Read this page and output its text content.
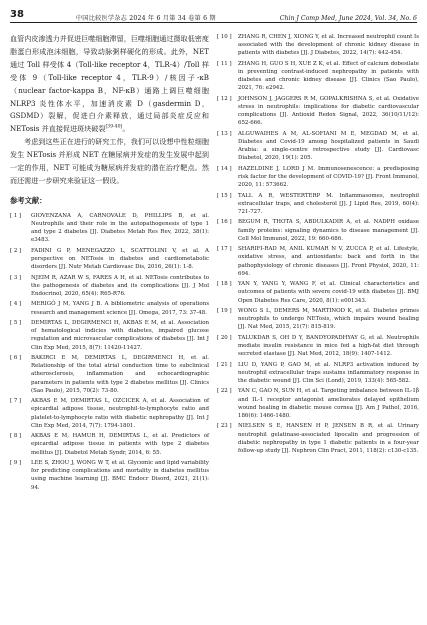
38	中国比较医学杂志 2024 年 6 月第 34 卷第 6 期	Chin J Comp Med, June 2024, Vol. 34, No. 6

血管内皮渗透力并促进巨噬细胞滞留，巨噬细胞通过摄取低密度脂蛋白形成泡沫细胞，导致动脉粥样硬化的形成。此外，NET 通过 Toll 样受体 4（Toll-like receptor 4，TLR-4）/Toll 样受体 9（Toll-like receptor 4，TLR-9）/核因子-κB（nuclear factor-kappa B，NF-κB）通路上调巨噬细胞 NLRP3 炎性体水平，加速消皮素 D（gasdermin D，GSDMD）裂解，促进白介素释放，通过局部炎症反应和 NETosis 并直接促进斑块破裂[39-40]。

考虑到这些正在进行的研究工作，我们可以设想中性粒细胞发生 NETosis 并形成 NET 在糖尿病并发症的发生发展中起到一定的作用，NET 可能成为糖尿病并发症的潜在治疗靶点。然而还需进一步研究来验证这一假设。

参考文献：
[ 1 ]	GIOVENZANA A, CARNOVALE D, PHILLIPS B, et al. Neutrophils and their role in the autopathogenesis of type 1 and type 2 diabetes [J]. Diabetes Metab Res Rev, 2022, 38(1): e3483.
[ 2 ]	FADINI G P, MENEGAZZO L, SCATTOLINI V, et al. A perspective on NETosis in diabetes and cardiometabolic disorders [J]. Nutr Metab Cardiovasc Dis, 2016, 26(1): 1-8.
[ 3 ]	NJEIM R, AZAR W S, FARES A H, et al. NETosis contributes to the pathogenesis of diabetes and its complications [J]. J Mol Endocrinol, 2020, 65(4): R65-R76.
[ 4 ]	MERIGÓ J M, YANG J B. A bibliometric analysis of operations research and management science [J]. Omega, 2017, 73: 37-48.
[ 5 ]	DEMIRTAS L, DEGIRMENCI H, AKBAS E M, et al. Association of hematological indicies with diabetes, impaired glucose regulation and microvascular complications of diabetes [J]. Int J Clin Exp Med, 2015, 8(7): 11420-11427.
[ 6 ]	BAKIRCI E M, DEMIRTAS L, DEGIRMENCI H, et al. Relationship of the total atrial conduction time to subclinical atherosclerosis, inflammation and echocardiographic parameters in patients with type 2 diabetes mellitus [J]. Clinics (Sao Paulo), 2015, 70(2): 73-80.
[ 7 ]	AKBAS E M, DEMIRTAS L, OZCICEK A, et al. Association of epicardial adipose tissue, neutrophil-to-lymphocyte ratio and platelet-to-lymphocyte ratio with diabetic nephropathy [J]. Int J Clin Exp Med, 2014, 7(7): 1794-1801.
[ 8 ]	AKBAS E M, HAMUR H, DEMIRTAS L, et al. Predictors of epicardial adipose tissue in patients with type 2 diabetes mellitus [J]. Diabetol Metab Syndr, 2014, 6: 55.
[ 9 ]	LEE S, ZHOU J, WONG W T, et al. Glycemic and lipid variability for predicting complications and mortality in diabetes mellitus using machine learning [J]. BMC Endocr Disord, 2021, 21(1): 94.
[ 10 ]	ZHANG R, CHEN J, XIONG Y, et al. Increased neutrophil count Is associated with the development of chronic kidney disease in patients with diabetes [J]. J Diabetes, 2022, 14(7): 442-454.
[ 11 ]	ZHANG H, GUO S H, XUE Z K, et al. Effect of calcium dobesilate in preventing contrast-induced nephropathy in patients with diabetes and chronic kidney disease [J]. Clinics (Sao Paulo), 2021, 76: e2942.
[ 12 ]	JOHNSON J, JAGGERS R M, GOPALKRISHNA S, et al. Oxidative stress in neutrophils: implications for diabetic cardiovascular complications [J]. Antioxid Redox Signal, 2022, 36(10/11/12): 652-666.
[ 13 ]	ALGUWAIHES A M, AL-SOFIANI M E, MEGDAD M, et al. Diabetes and Covid-19 among hospitalized patients in Saudi Arabia: a single-centre retrospective study [J]. Cardiovasc Diabetol, 2020, 19(1): 205.
[ 14 ]	HAZELDINE J, LORD J M. Immunosenescence: a predisposing risk factor for the development of COVID-19? [J]. Front Immunol, 2020, 11: 573662.
[ 15 ]	TALL A R, WESTERTERP M. Inflammasomes, neutrophil extracellular traps, and cholesterol [J]. J Lipid Res, 2019, 60(4): 721-727.
[ 16 ]	BEGUM R, THOTA S, ABDULKADIR A, et al. NADPH oxidase family proteins: signaling dynamics to disease management [J]. Cell Mol Immunol, 2022, 19: 660-686.
[ 17 ]	SHARIFI-RAD M, ANIL KUMAR N V, ZUCCA P, et al. Lifestyle, oxidative stress, and antioxidants: back and forth in the pathophysiology of chronic diseases [J]. Front Physiol, 2020, 11: 694.
[ 18 ]	YAN Y, YANG Y, WANG F, et al. Clinical characteristics and outcomes of patients with severe covid-19 with diabetes [J]. BMJ Open Diabetes Res Care, 2020, 8(1): e001343.
[ 19 ]	WONG S L, DEMERS M, MARTINOD K, et al. Diabetes primes neutrophils to undergo NETosis, which impairs wound healing [J]. Nat Med, 2015, 21(7): 815-819.
[ 20 ]	TALUKDAR S, OH D Y, BANDYOPADHYAY G, et al. Neutrophils mediate insulin resistance in mice fed a high-fat diet through secreted elastase [J]. Nat Med, 2012, 18(9): 1407-1412.
[ 21 ]	LIU D, YANG P, GAO M, et al. NLRP3 activation induced by neutrophil extracellular traps sustains inflammatory response in the diabetic wound [J]. Clin Sci (Lond), 2019, 133(4): 565-582.
[ 22 ]	YAN C, GAO N, SUN H, et al. Targeting imbalance between IL-1β and IL-1 receptor antagonist ameliorates delayed epithelium wound healing in diabetic mouse cornea [J]. Am J Pathol, 2016, 186(6): 1466-1480.
[ 23 ]	NIELSEN S E, HANSEN H P, JENSEN B R, et al. Urinary neutrophil gelatinase-associated lipocalin and progression of diabetic nephropathy in type 1 diabetic patients in a four-year follow-up study [J]. Nephron Clin Pract, 2011, 118(2): c130-c135.
